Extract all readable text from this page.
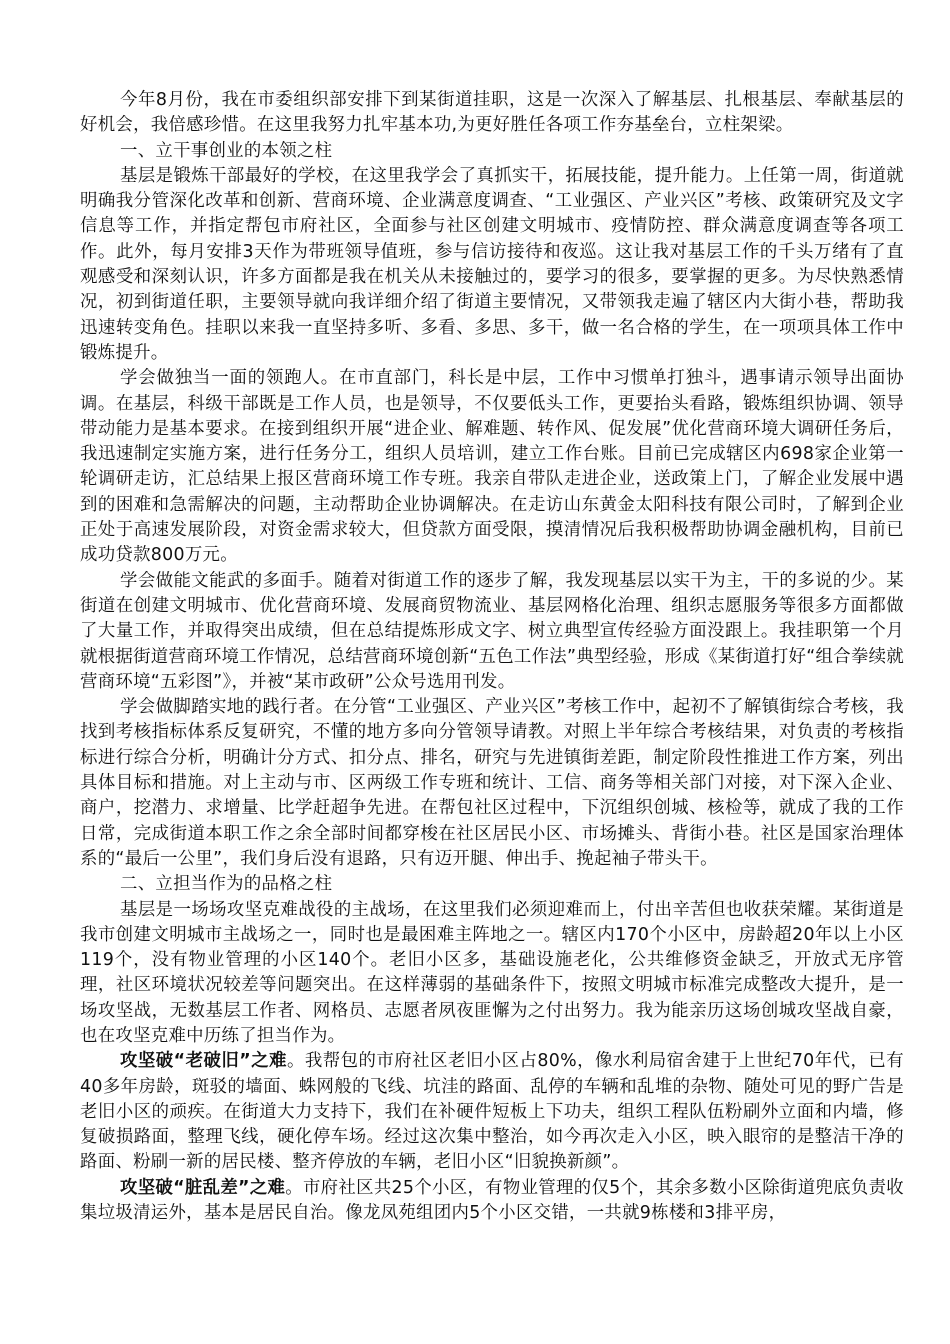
今年8月份，我在市委组织部安排下到某街道挂职，这是一次深入了解基层、扎根基层、奉献基层的好机会，我倍感珍惜。在这里我努力扎牢基本功,为更好胜任各项工作夯基垒台，立柱架梁。

一、立干事创业的本领之柱

基层是锻炼干部最好的学校，在这里我学会了真抓实干，拓展技能，提升能力。上任第一周，街道就明确我分管深化改革和创新、营商环境、企业满意度调查、“工业强区、产业兴区”考核、政策研究及文字信息等工作，并指定帮包市府社区，全面参与社区创建文明城市、疫情防控、群众满意度调查等各项工作。此外，每月安排3天作为带班领导值班，参与信访接待和夜巡。这让我对基层工作的千头万绪有了直观感受和深刻认识，许多方面都是我在机关从未接触过的，要学习的很多，要掌握的更多。为尽快熟悉情况，初到街道任职，主要领导就向我详细介绍了街道主要情况，又带领我走遍了辖区内大街小巷，帮助我迅速转变角色。挂职以来我一直坚持多听、多看、多思、多干，做一名合格的学生，在一项项具体工作中锻炼提升。

学会做独当一面的领跑人。在市直部门，科长是中层，工作中习惯单打独斗，遇事请示领导出面协调。在基层，科级干部既是工作人员，也是领导，不仅要低头工作，更要抬头看路，锻炼组织协调、领导带动能力是基本要求。在接到组织开展“进企业、解难题、转作风、促发展”优化营商环境大调研任务后，我迅速制定实施方案，进行任务分工，组织人员培训，建立工作台账。目前已完成辖区内698家企业第一轮调研走访，汇总结果上报区营商环境工作专班。我亲自带队走进企业，送政策上门，了解企业发展中遇到的困难和急需解决的问题，主动帮助企业协调解决。在走访山东黄金太阳科技有限公司时，了解到企业正处于高速发展阶段，对资金需求较大，但贷款方面受限，摸清情况后我积极帮助协调金融机构，目前已成功贷款800万元。

学会做能文能武的多面手。随着对街道工作的逐步了解，我发现基层以实干为主，干的多说的少。某街道在创建文明城市、优化营商环境、发展商贸物流业、基层网格化治理、组织志愿服务等很多方面都做了大量工作，并取得突出成绩，但在总结提炼形成文字、树立典型宣传经验方面没跟上。我挂职第一个月就根据街道营商环境工作情况，总结营商环境创新“五色工作法”典型经验，形成《某街道打好“组合拳续就营商环境“五彩图”》，并被“某市政研”公众号选用刊发。

学会做脚踏实地的践行者。在分管“工业强区、产业兴区”考核工作中，起初不了解镇街综合考核，我找到考核指标体系反复研究，不懂的地方多向分管领导请教。对照上半年综合考核结果，对负责的考核指标进行综合分析，明确计分方式、扣分点、排名，研究与先进镇街差距，制定阶段性推进工作方案，列出具体目标和措施。对上主动与市、区两级工作专班和统计、工信、商务等相关部门对接，对下深入企业、商户，挖潜力、求增量、比学赶超争先进。在帮包社区过程中，下沉组织创城、核检等，就成了我的工作日常，完成街道本职工作之余全部时间都穿梭在社区居民小区、市场摊头、背街小巷。社区是国家治理体系的“最后一公里”，我们身后没有退路，只有迈开腿、伸出手、挽起袖子带头干。

二、立担当作为的品格之柱

基层是一场场攻坚克难战役的主战场，在这里我们必须迎难而上，付出辛苦但也收获荣耀。某街道是我市创建文明城市主战场之一，同时也是最困难主阵地之一。辖区内170个小区中，房龄超20年以上小区119个，没有物业管理的小区140个。老旧小区多，基础设施老化，公共维修资金缺乏，开放式无序管理，社区环境状况较差等问题突出。在这样薄弱的基础条件下，按照文明城市标准完成整改大提升，是一场攻坚战，无数基层工作者、网格员、志愿者夙夜匪懈为之付出努力。我为能亲历这场创城攻坚战自豪，也在攻坚克难中历练了担当作为。

攻坚破“老破旧”之难。我帮包的市府社区老旧小区占80%，像水利局宿舍建于上世纪70年代，已有40多年房龄，斑驳的墙面、蛛网般的飞线、坑洼的路面、乱停的车辆和乱堆的杂物、随处可见的野广告是老旧小区的顽疾。在街道大力支持下，我们在补硬件短板上下功夫，组织工程队伍粉刷外立面和内墙，修复破损路面，整理飞线，硬化停车场。经过这次集中整治，如今再次走入小区，映入眼帘的是整洁干净的路面、粉刷一新的居民楼、整齐停放的车辆，老旧小区“旧貌换新颜”。

攻坚破“脏乱差”之难。市府社区共25个小区，有物业管理的仅5个，其余多数小区除街道兜底负责收集垃圾清运外，基本是居民自治。像龙凤苑组团内5个小区交错，一共就9栋楼和3排平房，
